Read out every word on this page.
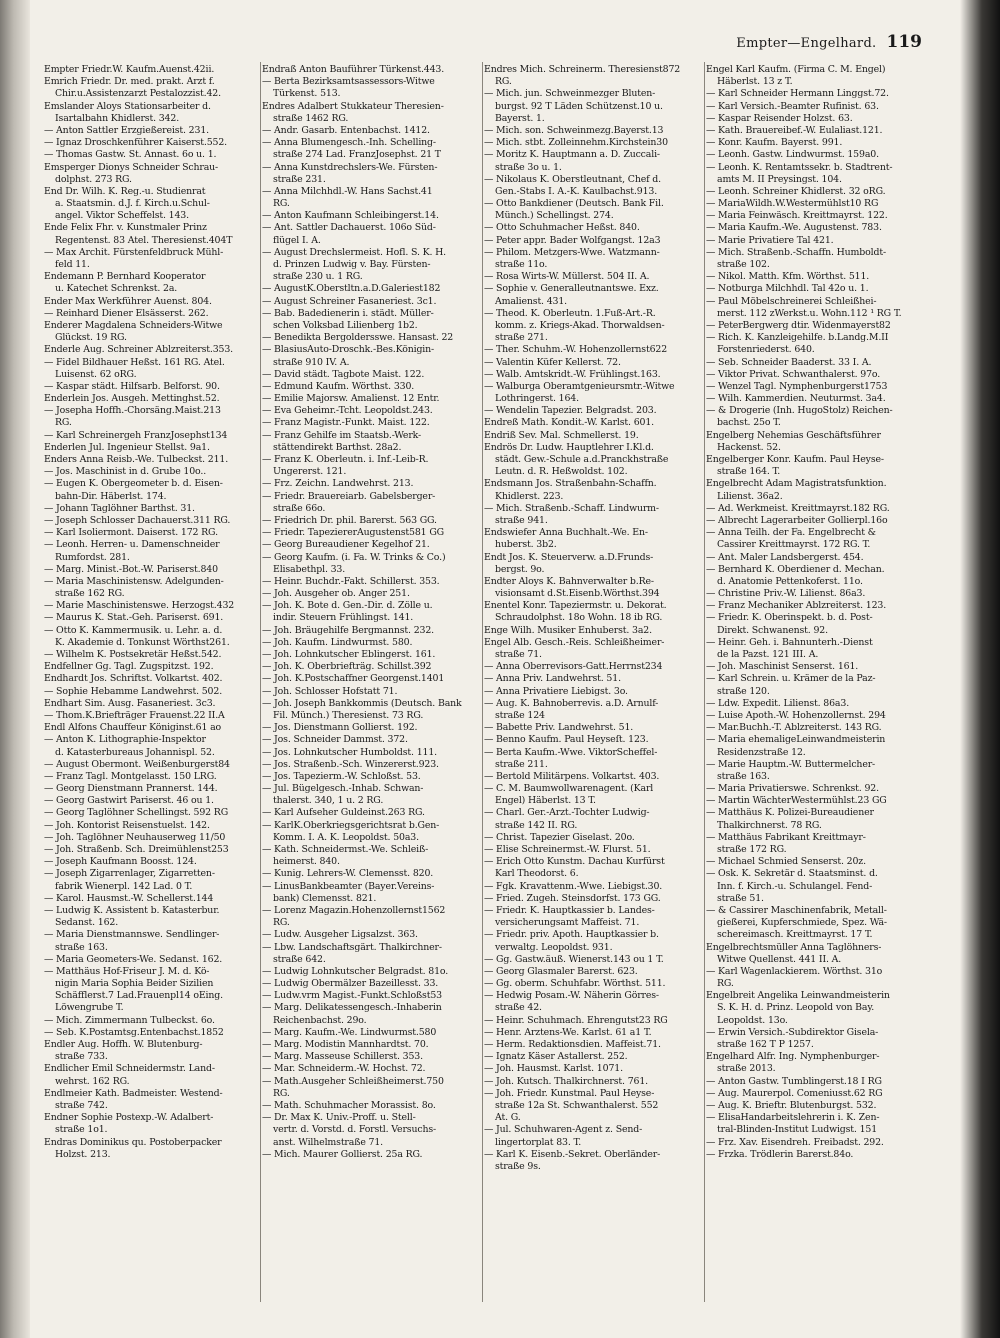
Empter—Engelhard. 119
Empter Friedr.W. Kaufm.Auenst.42ⅱ.
Emrich Friedr. Dr. med. prakt. Arzt f.
Chir.u.Assistenzarzt Pestalozzist.42.
Emslander Aloys Stationsarbeiter d.
Isartalbahn Khidlerst. 342.
— Anton Sattler Erzgießereist. 231.
— Ignaz Droschkenführer Kaiserst.552.
— Thomas Gastw. St. Annast. 6o u. 1.
Emsperger Dionys Schneider Schrau-
dolphst. 273 RG.
End Dr. Wilh. K. Reg.-u. Studienrat
a. Staatsmin. d.J. f. Kirch.u.Schul-
angel. Viktor Scheffelst. 143.
Ende Felix Fhr. v. Kunstmaler Prinz
Regentenst. 83 Atel. Theresienst.404T
— Max Archit. Fürstenfeldbruck Mühl-
feld 11.
Endemann P. Bernhard Kooperator
u. Katechet Schrenkst. 2a.
Ender Max Werkführer Auenst. 804.
— Reinhard Diener Elsässerst. 262.
Enderer Magdalena Schneiders-Witwe
Glückst. 19 RG.
Enderle Aug. Schreiner Ablzreiterst.353.
— Fidel Bildhauer Heßst. 161 RG. Atel.
Luisenst. 62 oRG.
— Kaspar städt. Hilfsarb. Belforst. 90.
Enderlein Jos. Ausgeh. Mettinghst.52.
— Josepha Hoffh.-Chorsäng.Maist.213
RG.
— Karl Schreinergeh FranzJosephst134
Enderlen Jul. Ingenieur Stellst. 9a1.
Enders Anna Reisb.-We. Tulbeckst. 211.
— Jos. Maschinist in d. Grube 10o..
— Eugen K. Obergeometer b. d. Eisen-
bahn-Dir. Häberlst. 174.
— Johann Taglöhner Barthst. 31.
— Joseph Schlosser Dachauerst.311 RG.
— Karl Isoliermont. Daiserst. 172 RG.
— Leonh. Herren- u. Damenschneider
Rumfordst. 281.
— Marg. Minist.-Bot.-W. Pariserst.840
— Maria Maschinistensw. Adelgunden-
straße 162 RG.
— Marie Maschinistenswe. Herzogst.432
— Maurus K. Stat.-Geh. Pariserst. 691.
— Otto K. Kammermusik. u. Lehr. a. d.
K. Akademie d. Tonkunst Wörthst261.
— Wilhelm K. Postsekretär Heßst.542.
Endfellner Gg. Tagl. Zugspitzst. 192.
Endhardt Jos. Schriftst. Volkartst. 402.
— Sophie Hebamme Landwehrst. 502.
Endhart Sim. Ausg. Fasaneriest. 3c3.
— Thom.K.Briefträger Frauenst.22 II.A
Endl Alfons Chauffeur Königinst.61 ao
— Anton K. Lithographie-Inspektor
d. Katasterbureaus Johannispl. 52.
— August Obermont. Weißenburgerst84
— Franz Tagl. Montgelasst. 150 LRG.
— Georg Dienstmann Prannerst. 144.
— Georg Gastwirt Pariserst. 46 ou 1.
— Georg Taglöhner Schellingst. 592 RG
— Joh. Kontorist Reisenstuelst. 142.
— Joh. Taglöhner Neuhauserweg 11/50
— Joh. Straßenb. Sch. Dreimühlenst253
— Joseph Kaufmann Boosst. 124.
— Joseph Zigarrenlager, Zigarretten-
fabrik Wienerpl. 142 Lad. 0 T.
— Karol. Hausmst.-W. Schellerst.144
— Ludwig K. Assistent b. Katasterbur.
Sedanst. 162.
— Maria Dienstmannswe. Sendlinger-
straße 163.
— Maria Geometers-We. Sedanst. 162.
— Matthäus Hof-Friseur J. M. d. Kö-
nigin Maria Sophia Beider Sizilien
Schäfflerst.7 Lad.Frauenpl14 oEing.
Löwengrube T.
— Mich. Zimmermann Tulbeckst. 6o.
— Seb. K.Postamtsg.Entenbachst.1852
Endler Aug. Hoffh. W. Blutenburg-
straße 733.
Endlicher Emil Schneidermstr. Land-
wehrst. 162 RG.
Endlmeier Kath. Badmeister. Westend-
straße 742.
Endner Sophie Postexp.-W. Adalbert-
straße 1o1.
Endras Dominikus qu. Postoberpacker
Holzst. 213.
Endraß Anton Bauführer Türkenst.443.
— Berta Bezirksamtsassessors-Witwe
Türkenst. 513.
Endres Adalbert Stukkateur Theresien-
straße 1462 RG.
— Andr. Gasarb. Entenbachst. 1412.
— Anna Blumengesch.-Inh. Schelling-
straße 274 Lad. FranzJosephst. 21 T
— Anna Kunstdrechslers-We. Fürsten-
straße 231.
— Anna Milchhdl.-W. Hans Sachst.41
RG.
— Anton Kaufmann Schleibingerst.14.
— Ant. Sattler Dachauerst. 106o Süd-
flügel I. A.
— August Drechslermeist. Hofl. S. K. H.
d. Prinzen Ludwig v. Bay. Fürsten-
straße 230 u. 1 RG.
— AugustK.Oberstltn.a.D.Galeriest182
— August Schreiner Fasaneriest. 3c1.
— Bab. Badedienerin i. städt. Müller-
schen Volksbad Lilienberg 1b2.
— Benedikta Bergoldersswe. Hansast. 22
— BlasiusAuto-Droschk.-Bes.Königin-
straße 910 IV. A.
— David städt. Tagbote Maist. 122.
— Edmund Kaufm. Wörthst. 330.
— Emilie Majorsw. Amalienst. 12 Entr.
— Eva Geheimr.-Tcht. Leopoldst.243.
— Franz Magistr.-Funkt. Maist. 122.
— Franz Gehilfe im Staatsb.-Werk-
stättendirekt Barthst. 28a2.
— Franz K. Oberleutn. i. Inf.-Leib-R.
Ungererst. 121.
— Frz. Zeichn. Landwehrst. 213.
— Friedr. Brauereiarb. Gabelsberger-
straße 66o.
— Friedrich Dr. phil. Barerst. 563 GG.
— Friedr. TapeziererAugustenst581 GG
— Georg Bureaudiener Kegelhof 21.
— Georg Kaufm. (i. Fa. W. Trinks & Co.)
Elisabethpl. 33.
— Heinr. Buchdr.-Fakt. Schillerst. 353.
— Joh. Ausgeher ob. Anger 251.
— Joh. K. Bote d. Gen.-Dir. d. Zölle u.
indir. Steuern Frühlingst. 141.
— Joh. Bräugehilfe Bergmannst. 232.
— Joh. Kaufm. Lindwurmst. 580.
— Joh. Lohnkutscher Eblingerst. 161.
— Joh. K. Oberbriefträg. Schillst.392
— Joh. K.Postschaffner Georgenst.1401
— Joh. Schlosser Hofstatt 71.
— Joh. Joseph Bankkommis (Deutsch. Bank
Fil. Münch.) Theresienst. 73 RG.
— Jos. Dienstmann Gollierst. 192.
— Jos. Schneider Dammst. 372.
— Jos. Lohnkutscher Humboldst. 111.
— Jos. Straßenb.-Sch. Winzererst.923.
— Jos. Tapezierm.-W. Schloßst. 53.
— Jul. Bügelgesch.-Inhab. Schwan-
thalerst. 340, 1 u. 2 RG.
— Karl Aufseher Guldeinst.263 RG.
— KarlK.Oberkriegsgerichtsrat b.Gen-
Komm. I. A. K. Leopoldst. 50a3.
— Kath. Schneidermst.-We. Schleiß-
heimerst. 840.
— Kunig. Lehrers-W. Clemensst. 820.
— LinusBankbeamter (Bayer.Vereins-
bank) Clemensst. 821.
— Lorenz Magazin.Hohenzollernst1562
RG.
— Ludw. Ausgeher Ligsalzst. 363.
— Lbw. Landschaftsgärt. Thalkirchner-
straße 642.
— Ludwig Lohnkutscher Belgradst. 81o.
— Ludwig Obermälzer Bazeillesst. 33.
— Ludw.vrm Magist.-Funkt.Schloßst53
— Marg. Delikatessengesch.-Inhaberin
Reichenbachst. 29o.
— Marg. Kaufm.-We. Lindwurmst.580
— Marg. Modistin Mannhardtst. 70.
— Marg. Masseuse Schillerst. 353.
— Mar. Schneiderm.-W. Hochst. 72.
— Math.Ausgeher Schleißheimerst.750
RG.
— Math. Schuhmacher Morassist. 8o.
— Dr. Max K. Univ.-Proff. u. Stell-
vertr. d. Vorstd. d. Forstl. Versuchs-
anst. Wilhelmstraße 71.
— Mich. Maurer Gollierst. 25a RG.
Endres Mich. Schreinerm. Theresienst872
RG.
— Mich. jun. Schweinmezger Bluten-
burgst. 92 T Läden Schützenst.10 u.
Bayerst. 1.
— Mich. son. Schweinmezg.Bayerst.13
— Mich. stbt. Zolleinnehm.Kirchstein30
— Moritz K. Hauptmann a. D. Zuccali-
straße 3o u. 1.
— Nikolaus K. Oberstleutnant, Chef d.
Gen.-Stabs I. A.-K. Kaulbachst.913.
— Otto Bankdiener (Deutsch. Bank Fil.
Münch.) Schellingst. 274.
— Otto Schuhmacher Heßst. 840.
— Peter appr. Bader Wolfgangst. 12a3
— Philom. Metzgers-Wwe. Watzmann-
straße 11o.
— Rosa Wirts-W. Müllerst. 504 II. A.
— Sophie v. Generalleutnantswe. Exz.
Amalienst. 431.
— Theod. K. Oberleutn. 1.Fuß-Art.-R.
komm. z. Kriegs-Akad. Thorwaldsen-
straße 271.
— Ther. Schuhm.-W. Hohenzollernst622
— Valentin Küfer Kellerst. 72.
— Walb. Amtskridt.-W. Frühlingst.163.
— Walburga Oberamtgenieursmtr.-Witwe
Lothringerst. 164.
— Wendelin Tapezier. Belgradst. 203.
Endreß Math. Kondit.-W. Karlst. 601.
Endriß Sev. Mal. Schmellerst. 19.
Endrös Dr. Ludw. Hauptlehrer I.Kl.d.
städt. Gew.-Schule a.d.Pranckhstraße
Leutn. d. R. Heßwoldst. 102.
Endsmann Jos. Straßenbahn-Schaffn.
Khidlerst. 223.
— Mich. Straßenb.-Schaff. Lindwurm-
straße 941.
Endswiefer Anna Buchhalt.-We. En-
huberst. 3b2.
Endt Jos. K. Steuerverw. a.D.Frunds-
bergst. 9o.
Endter Aloys K. Bahnverwalter b.Re-
visionsamt d.St.Eisenb.Wörthst.394
Enentel Konr. Tapeziermstr. u. Dekorat.
Schraudolphst. 18o Wohn. 18 ib RG.
Enge Wilh. Musiker Enhuberst. 3a2.
Engel Alb. Gesch.-Reis. Schleißheimer-
straße 71.
— Anna Oberrevisors-Gatt.Herrnst234
— Anna Priv. Landwehrst. 51.
— Anna Privatiere Liebigst. 3o.
— Aug. K. Bahnoberrevis. a.D. Arnulf-
straße 124
— Babette Priv. Landwehrst. 51.
— Benno Kaufm. Paul Heyseſt. 123.
— Berta Kaufm.-Wwe. ViktorScheffel-
straße 211.
— Bertold Militärpens. Volkartst. 403.
— C. M. Baumwollwarenagent. (Karl
Engel) Häberlst. 13 T.
— Charl. Ger.-Arzt.-Tochter Ludwig-
straße 142 II. RG.
— Christ. Tapezier Giselast. 20o.
— Elise Schreinermst.-W. Flurst. 51.
— Erich Otto Kunstm. Dachau Kurfürst
Karl Theodorst. 6.
— Fgk. Kravattenm.-Wwe. Liebigst.30.
— Fried. Zugeh. Steinsdorfst. 173 GG.
— Friedr. K. Hauptkassier b. Landes-
versicherungsamt Maffeist. 71.
— Friedr. priv. Apoth. Hauptkassier b.
verwaltg. Leopoldst. 931.
— Gg. Gastw.äuß. Wienerst.143 ou 1 T.
— Georg Glasmaler Barerst. 623.
— Gg. oberm. Schuhfabr. Wörthst. 511.
— Hedwig Posam.-W. Näherin Görres-
straße 42.
— Heinr. Schuhmach. Ehrengutst23 RG
— Henr. Arztens-We. Karlst. 61 a1 T.
— Herm. Redaktionsdien. Maffeist.71.
— Ignatz Käser Astallerst. 252.
— Joh. Hausmst. Karlst. 1071.
— Joh. Kutsch. Thalkirchnerst. 761.
— Joh. Friedr. Kunstmal. Paul Heyse-
straße 12a St. Schwanthalerst. 552
At. G.
— Jul. Schuhwaren-Agent z. Send-
lingertorplat 83. T.
— Karl K. Eisenb.-Sekret. Oberländer-
straße 9s.
Engel Karl Kaufm. (Firma C. M. Engel)
Häberlst. 13 z T.
— Karl Schneider Hermann Linggst.72.
— Karl Versich.-Beamter Rufinist. 63.
— Kaspar Reisender Holzst. 63.
— Kath. Brauereibef.-W. Eulaliast.121.
— Konr. Kaufm. Bayerst. 991.
— Leonh. Gastw. Lindwurmst. 159a0.
— Leonh. K. Rentamtssekr. b. Stadtrent-
amts M. II Preysingst. 104.
— Leonh. Schreiner Khidlerst. 32 oRG.
— MariaWildh.W.Westermühlst10 RG
— Maria Feinwäsch. Kreittmayrst. 122.
— Maria Kaufm.-We. Augustenst. 783.
— Marie Privatiere Tal 421.
— Mich. Straßenb.-Schaffn. Humboldt-
straße 102.
— Nikol. Matth. Kfm. Wörthst. 511.
— Notburga Milchhdl. Tal 42o u. 1.
— Paul Möbelschreinerei Schleißhei-
merst. 112 zWerkst.u. Wohn.112 ¹ RG T.
— PeterBergwerg dtir. Widenmayerst82
— Rich. K. Kanzleigehilfe. b.Landg.M.II
Forstenriederst. 640.
— Seb. Schneider Baaderst. 33 I. A.
— Viktor Privat. Schwanthalerst. 97o.
— Wenzel Tagl. Nymphenburgerst1753
— Wilh. Kammerdien. Neuturmst. 3a4.
— & Drogerie (Inh. HugoStolz) Reichen-
bachst. 25o T.
Engelberg Nehemias Geschäftsführer
Hackenst. 52.
Engelberger Konr. Kaufm. Paul Heyse-
straße 164. T.
Engelbrecht Adam Magistratsfunktion.
Lilienst. 36a2.
— Ad. Werkmeist. Kreittmayrst.182 RG.
— Albrecht Lagerarbeiter Gollierpl.16o
— Anna Teilh. der Fa. Engelbrecht &
Cassirer Kreittmayrst. 172 RG. T.
— Ant. Maler Landsbergerst. 454.
— Bernhard K. Oberdiener d. Mechan.
d. Anatomie Pettenkoferst. 11o.
— Christine Priv.-W. Lilienst. 86a3.
— Franz Mechaniker Ablzreiterst. 123.
— Friedr. K. Oberinspekt. b. d. Post-
Direkt. Schwanenst. 92.
— Heinr. Geh. i. Bahnunterh.-Dienst
de la Pazst. 121 III. A.
— Joh. Maschinist Senserst. 161.
— Karl Schrein. u. Krämer de la Paz-
straße 120.
— Ldw. Expedit. Lilienst. 86a3.
— Luise Apoth.-W. Hohenzollernst. 294
— Mar.Buchh.-T. Ablzreiterst. 143 RG.
— Maria ehemaligeLeinwandmeisterin
Residenzstraße 12.
— Marie Hauptm.-W. Buttermelcher-
straße 163.
— Maria Privatierswe. Schrenkst. 92.
— Martin WächterWestermühlst.23 GG
— Matthäus K. Polizei-Bureaudiener
Thalkirchnerst. 78 RG.
— Matthäus Fabrikant Kreittmayr-
straße 172 RG.
— Michael Schmied Senserst. 20z.
— Osk. K. Sekretär d. Staatsminst. d.
Inn. f. Kirch.-u. Schulangel. Fend-
straße 51.
— & Cassirer Maschinenfabrik, Metall-
gießerei, Kupferschmiede, Spez. Wä-
schereimasch. Kreittmayrst. 17 T.
Engelbrechtsmüller Anna Taglöhners-
Witwe Quellenst. 441 II. A.
— Karl Wagenlackierem. Wörthst. 31o
RG.
Engelbreit Angelika Leinwandmeisterin
S. K. H. d. Prinz. Leopold von Bay.
Leopoldst. 13o.
— Erwin Versich.-Subdirektor Gisela-
straße 162 T P 1257.
Engelhard Alfr. Ing. Nymphenburger-
straße 2013.
— Anton Gastw. Tumblingerst.18 I RG
— Aug. Maurerpol. Comeniusst.62 RG
— Aug. K. Brieftr. Blutenburgst. 532.
— ElisaHandarbeitslehrerin i. K. Zen-
tral-Blinden-Institut Ludwigst. 151
— Frz. Xav. Eisendreh. Freibadst. 292.
— Frzka. Trödlerin Barerst.84o.
